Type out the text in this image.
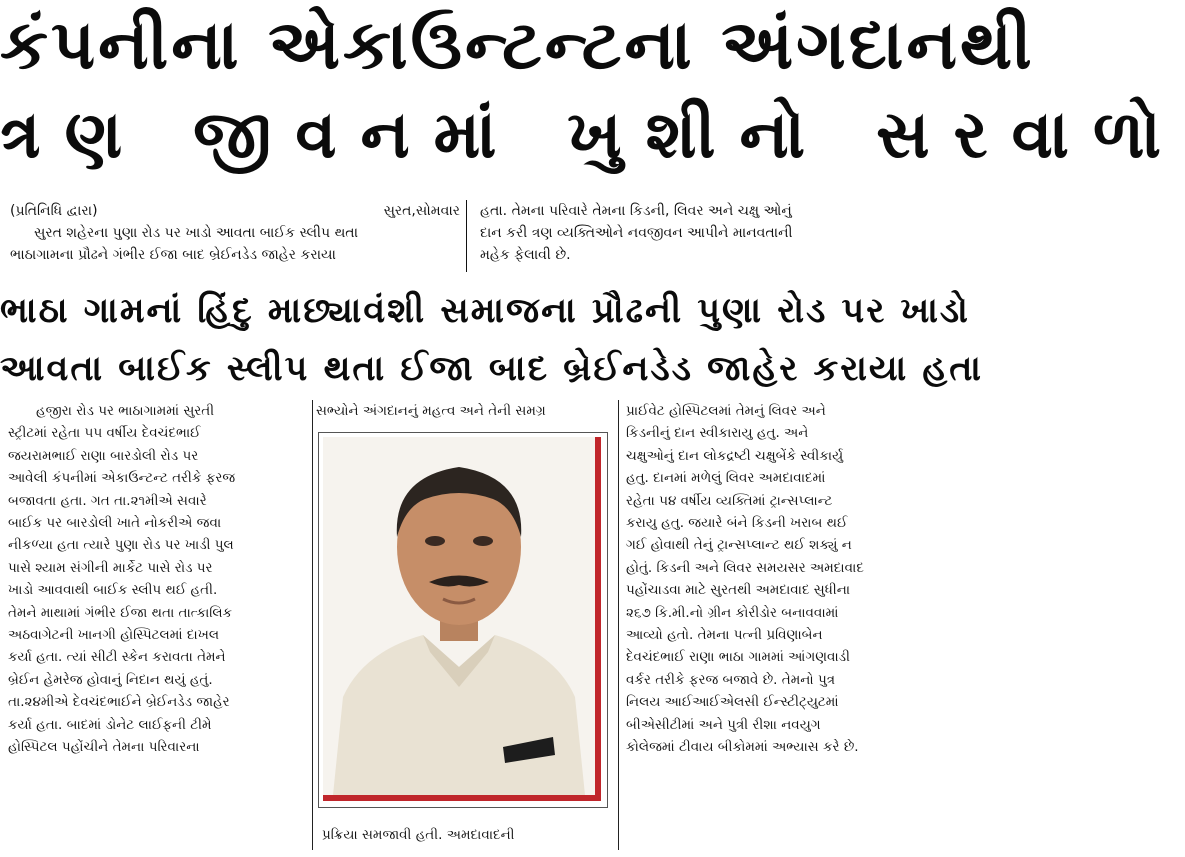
કંપનીના એકાઉન્ટન્ટના અંગદાનથી
ત્રણ જીવનમાં ખુશીનો સરવાળો
(પ્રતિનિધિ દ્વારા)	સુરત,સોમવાર
સુરત શહેરના પુણા રોડ પર ખાડો આવતા બાઈક સ્લીપ થતા
ભાઠાગામના પ્રૌઢને ગંભીર ઈજા બાદ બ્રેઈનડેડ જાહેર કરાયા
હતા. તેમના પરિવારે તેમના કિડની, લિવર અને ચક્ષુ ઓનું
દાન કરી ત્રણ વ્યક્તિઓને નવજીવન આપીને માનવતાની
મહેક ફેલાવી છે.
ભાઠા ગામનાં હિંદુ માછ્યાવંશી સમાજના પ્રૌઢની પુણા રોડ પર ખાડો
આવતા બાઈક સ્લીપ થતા ઈજા બાદ બ્રેઈનડેડ જાહેર કરાયા હતા

હજીરા રોડ પર ભાઠાગામમાં સુરતી

સ્ટ્રીટમાં રહેતા ૫૫ વર્ષીય દેવચંદભાઈ

જયરામભાઈ રાણા બારડોલી રોડ પર

આવેલી કંપનીમાં એકાઉન્ટન્ટ તરીકે ફરજ

બજાવતા હતા. ગત તા.૨૧મીએ સવારે

બાઈક પર બારડોલી ખાતે નોકરીએ જવા

નીકળ્યા હતા ત્યારે પુણા રોડ પર ખાડી પુલ

પાસે શ્યામ સંગીની માર્કેટ પાસે રોડ પર

ખાડો આવવાથી બાઈક સ્લીપ થઈ હતી.

તેમને માથામાં ગંભીર ઈજા થતા તાત્કાલિક

અઠવાગેટની ખાનગી હોસ્પિટલમાં દાખલ

કર્યા હતા. ત્યાં સીટી સ્કેન કરાવતા તેમને

બ્રેઈન હેમરેજ હોવાનું નિદાન થયું હતું.

તા.૨૪મીએ દેવચંદભાઈને બ્રેઈનડેડ જાહેર

કર્યા હતા. બાદમાં ડોનેટ લાઈફની ટીમે

હોસ્પિટલ પહોંચીને તેમના પરિવારના

સભ્યોને અંગદાનનું મહત્વ અને તેની સમગ્ર

પ્રક્રિયા સમજાવી હતી. અમદાવાદની

પ્રાઈવેટ હોસ્પિટલમાં તેમનું લિવર અને

કિડનીનું દાન સ્વીકારાયુ હતુ. અને

ચક્ષુઓનું દાન લોકદ્રષ્ટી ચક્ષુબેંકે સ્વીકાર્યુ

હતુ. દાનમાં મળેલું લિવર અમદાવાદમાં

રહેતા ૫૪ વર્ષીય વ્યક્તિમાં ટ્રાન્સપ્લાન્ટ

કરાયુ હતુ. જયારે બંને કિડની ખરાબ થઈ

ગઈ હોવાથી તેનું ટ્રાન્સપ્લાન્ટ થઈ શક્યું ન

હોતું. કિડની અને લિવર સમયસર અમદાવાદ

પહોંચાડવા માટે સુરતથી અમદાવાદ સુધીના

૨૬૭ કિ.મી.નો ગ્રીન કોરીડોર બનાવવામાં

આવ્યો હતો. તેમના પત્ની પ્રવિણાબેન

દેવચંદભાઈ રાણા ભાઠા ગામમાં આંગણવાડી

વર્કર તરીકે ફરજ બજાવે છે. તેમનો પુત્ર

નિલય આઈઆઈએલસી ઈન્સ્ટીટ્યુટમાં

બીએસીટીમાં અને પુત્રી રીશા નવયુગ

કોલેજમાં ટીવાય બીકોમમાં અભ્યાસ કરે છે.
